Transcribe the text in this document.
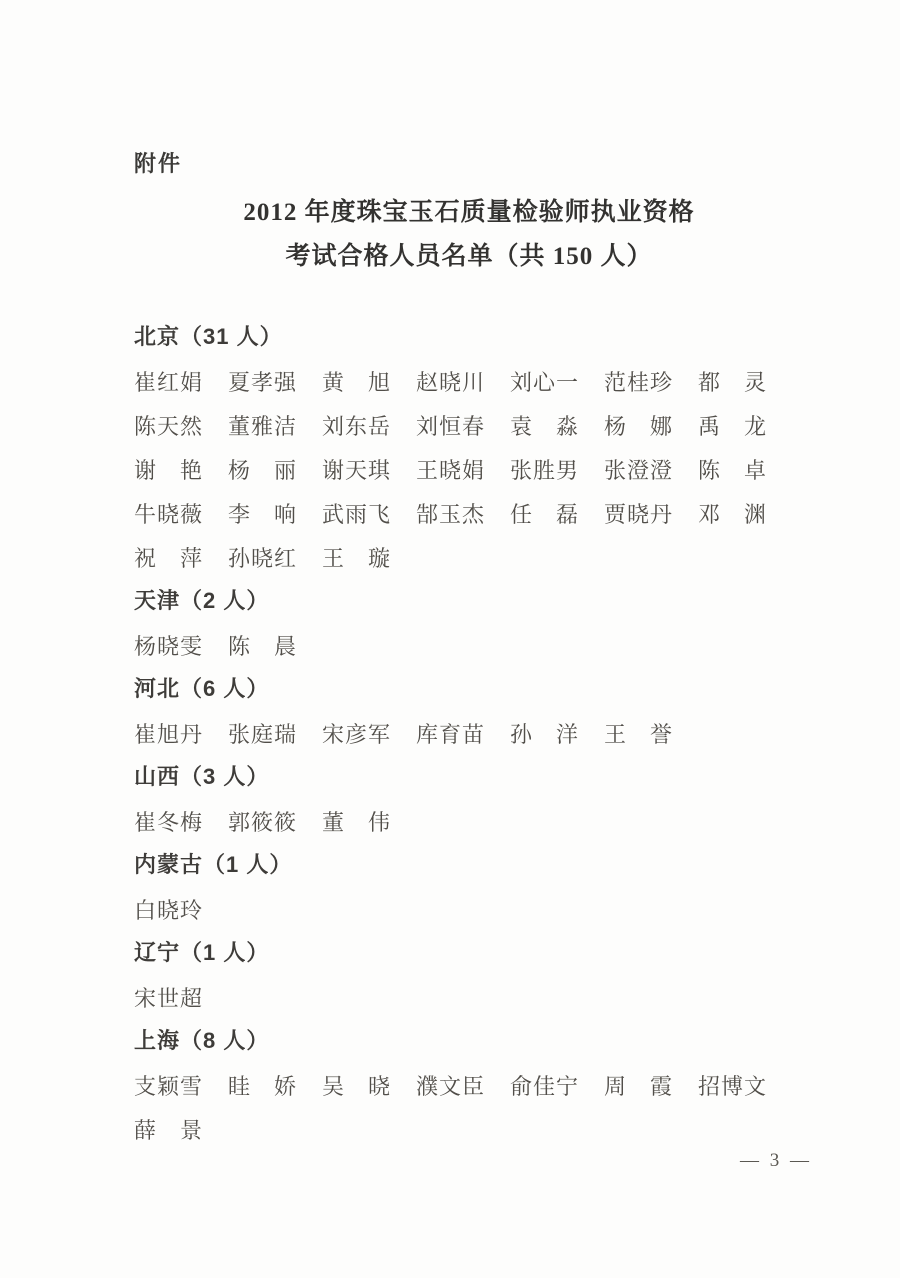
附件
2012 年度珠宝玉石质量检验师执业资格
考试合格人员名单（共 150 人）
北京（31 人）
崔 红 娟 夏 孝 强 黄 旭 赵 晓 川 刘 心 一 范 桂 珍 都 灵
陈 天 然 董 雅 洁 刘 东 岳 刘 恒 春 袁 淼 杨 娜 禹 龙
谢 艳 杨 丽 谢 天 琪 王 晓 娟 张 胜 男 张 澄 澄 陈 卓
牛 晓 薇 李 响 武 雨 飞 郜 玉 杰 任 磊 贾 晓 丹 邓 渊
祝 萍 孙 晓 红 王 璇
天津（2 人）
杨 晓 雯 陈 晨
河北（6 人）
崔 旭 丹 张 庭 瑞 宋 彦 军 库 育 苗 孙 洋 王 誉
山西（3 人）
崔 冬 梅 郭 筱 筱 董 伟
内蒙古（1 人）
白 晓 玲
辽宁（1 人）
宋 世 超
上海（8 人）
支 颖 雪 眭 娇 吴 晓 濮 文 臣 俞 佳 宁 周 霞 招 博 文
薛 景
— 3 —
